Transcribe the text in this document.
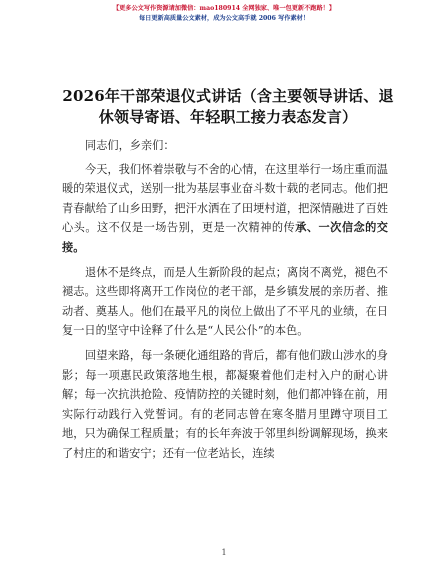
【更多公文写作资源请加微信：mao180914 全网独家、唯一包更新不跑路！】
每日更新高质量公文素材，成为公文高手就 2006 写作素材！
2026年干部荣退仪式讲话（含主要领导讲话、退休领导寄语、年轻职工接力表态发言）

同志们，乡亲们：

今天，我们怀着崇敬与不舍的心情，在这里举行一场庄重而温暖的荣退仪式，送别一批为基层事业奋斗数十载的老同志。他们把青春献给了山乡田野，把汗水洒在了田埂村道，把深情融进了百姓心头。这不仅是一场告别，更是一次精神的传承、一次信念的交接。

退休不是终点，而是人生新阶段的起点；离岗不离党，褪色不褪志。这些即将离开工作岗位的老干部，是乡镇发展的亲历者、推动者、奠基人。他们在最平凡的岗位上做出了不平凡的业绩，在日复一日的坚守中诠释了什么是“人民公仆”的本色。

回望来路，每一条硬化通组路的背后，都有他们跋山涉水的身影；每一项惠民政策落地生根，都凝聚着他们走村入户的耐心讲解；每一次抗洪抢险、疫情防控的关键时刻，他们都冲锋在前，用实际行动践行入党誓词。有的老同志曾在寒冬腊月里蹲守项目工地，只为确保工程质量；有的长年奔波于邻里纠纷调解现场，换来了村庄的和谐安宁；还有一位老站长，连续

1
